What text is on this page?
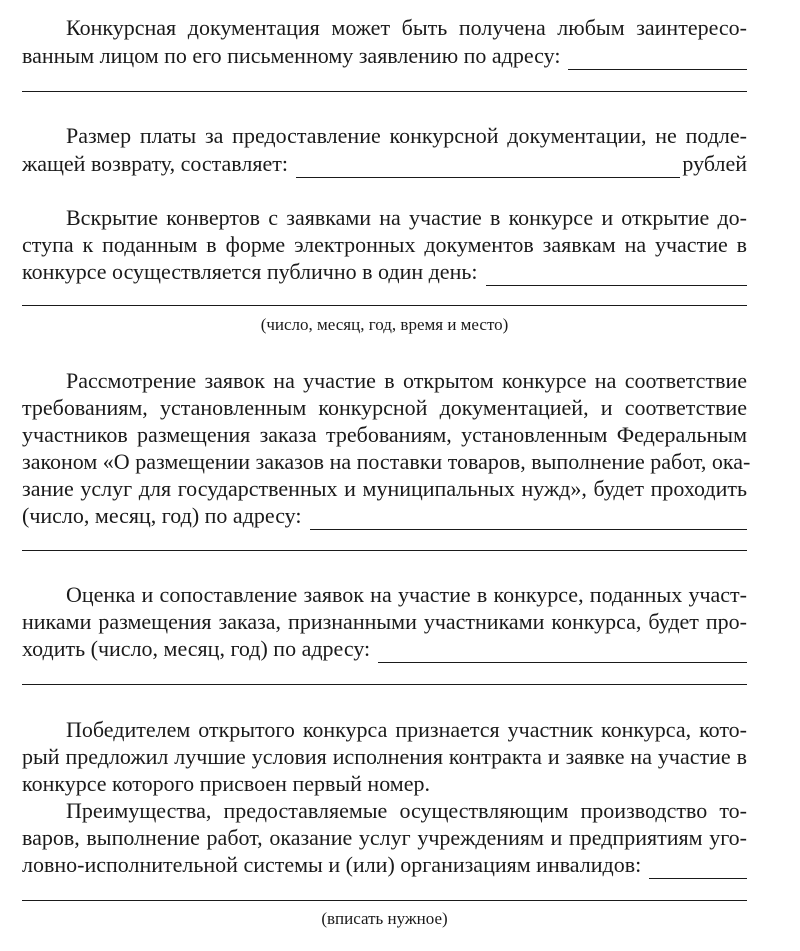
Конкурсная документация может быть получена любым заинтересо-
ванным лицом по его письменному заявлению по адресу:
Размер платы за предоставление конкурсной документации, не подле-
жащей возврату, составляет:	рублей
Вскрытие конвертов с заявками на участие в конкурсе и открытие до-
ступа к поданным в форме электронных документов заявкам на участие в
конкурсе осуществляется публично в один день:
(число, месяц, год, время и место)
Рассмотрение заявок на участие в открытом конкурсе на соответствие
требованиям, установленным конкурсной документацией, и соответствие
участников размещения заказа требованиям, установленным Федеральным
законом «О размещении заказов на поставки товаров, выполнение работ, ока-
зание услуг для государственных и муниципальных нужд», будет проходить
(число, месяц, год) по адресу:
Оценка и сопоставление заявок на участие в конкурсе, поданных участ-
никами размещения заказа, признанными участниками конкурса, будет про-
ходить (число, месяц, год) по адресу:
Победителем открытого конкурса признается участник конкурса, кото-
рый предложил лучшие условия исполнения контракта и заявке на участие в
конкурсе которого присвоен первый номер.
Преимущества, предоставляемые осуществляющим производство то-
варов, выполнение работ, оказание услуг учреждениям и предприятиям уго-
ловно-исполнительной системы и (или) организациям инвалидов:
(вписать нужное)
